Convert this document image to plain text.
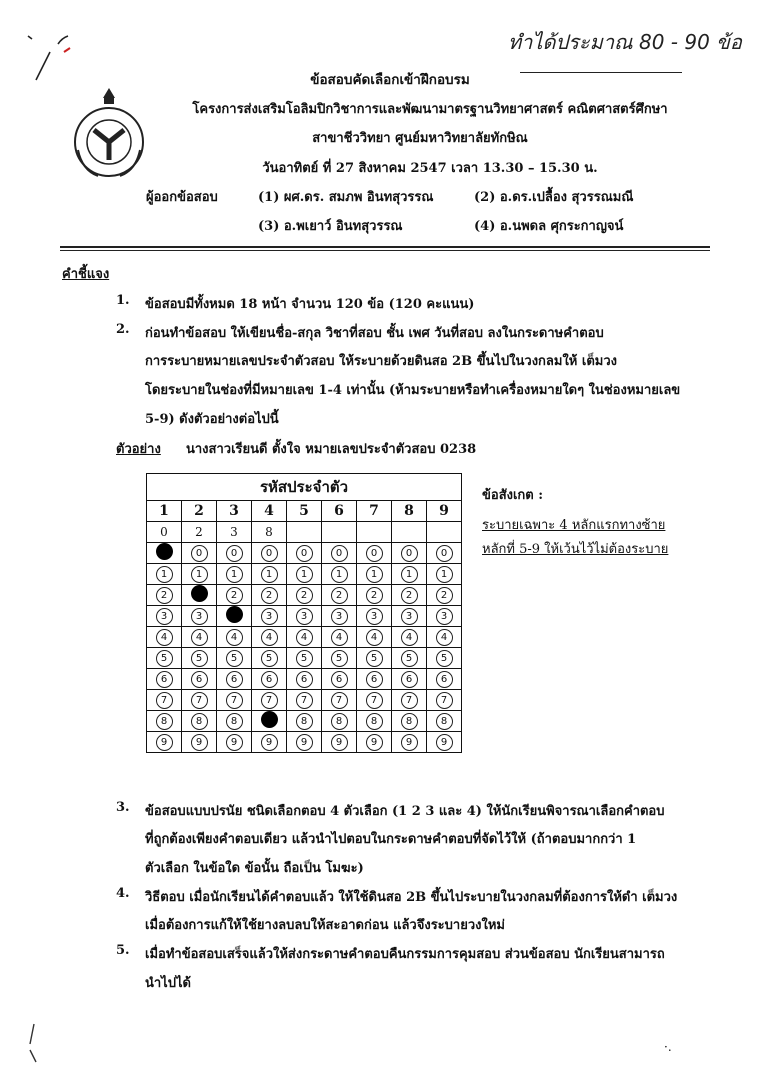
ทำได้ประมาณ 80 - 90 ข้อ
ข้อสอบคัดเลือกเข้าฝึกอบรม
โครงการส่งเสริมโอลิมปิกวิชาการและพัฒนามาตรฐานวิทยาศาสตร์ คณิตศาสตร์ศึกษา
สาขาชีววิทยา ศูนย์มหาวิทยาลัยทักษิณ
วันอาทิตย์ ที่ 27 สิงหาคม 2547 เวลา 13.30 – 15.30 น.
ผู้ออกข้อสอบ	(1) ผศ.ดร. สมภพ อินทสุวรรณ	(2) อ.ดร.เปลื้อง สุวรรณมณี
(3) อ.พเยาว์ อินทสุวรรณ	(4) อ.นพดล ศุกระกาญจน์
คำชี้แจง
1. ข้อสอบมีทั้งหมด 18 หน้า จำนวน 120 ข้อ (120 คะแนน)
2. ก่อนทำข้อสอบ ให้เขียนชื่อ-สกุล วิชาที่สอบ ชั้น เพศ วันที่สอบ ลงในกระดาษคำตอบ
การระบายหมายเลขประจำตัวสอบ ให้ระบายด้วยดินสอ 2B ขึ้นไปในวงกลมให้ เต็มวง
โดยระบายในช่องที่มีหมายเลข 1-4 เท่านั้น (ห้ามระบายหรือทำเครื่องหมายใดๆ ในช่องหมายเลข
5-9) ดังตัวอย่างต่อไปนี้
ตัวอย่าง นางสาวเรียนดี ตั้งใจ หมายเลขประจำตัวสอบ 0238
รหัสประจำตัว								
1	2	3	4	5	6	7	8	9
0	2	3	8					
	0	0	0	0	0	0	0	0
1	1	1	1	1	1	1	1	1
2		2	2	2	2	2	2	2
3	3		3	3	3	3	3	3
4	4	4	4	4	4	4	4	4
5	5	5	5	5	5	5	5	5
6	6	6	6	6	6	6	6	6
7	7	7	7	7	7	7	7	7
8	8	8		8	8	8	8	8
9	9	9	9	9	9	9	9	9
ข้อสังเกต :
ระบายเฉพาะ 4 หลักแรกทางซ้าย
หลักที่ 5-9 ให้เว้นไว้ไม่ต้องระบาย
3. ข้อสอบแบบปรนัย ชนิดเลือกตอบ 4 ตัวเลือก (1 2 3 และ 4) ให้นักเรียนพิจารณาเลือกคำตอบ
ที่ถูกต้องเพียงคำตอบเดียว แล้วนำไปตอบในกระดาษคำตอบที่จัดไว้ให้ (ถ้าตอบมากกว่า 1
ตัวเลือก ในข้อใด ข้อนั้น ถือเป็น โมฆะ)
4. วิธีตอบ เมื่อนักเรียนได้คำตอบแล้ว ให้ใช้ดินสอ 2B ขึ้นไประบายในวงกลมที่ต้องการให้ดำ เต็มวง
เมื่อต้องการแก้ให้ใช้ยางลบลบให้สะอาดก่อน แล้วจึงระบายวงใหม่
5. เมื่อทำข้อสอบเสร็จแล้วให้ส่งกระดาษคำตอบคืนกรรมการคุมสอบ ส่วนข้อสอบ นักเรียนสามารถ
นำไปได้
·.
